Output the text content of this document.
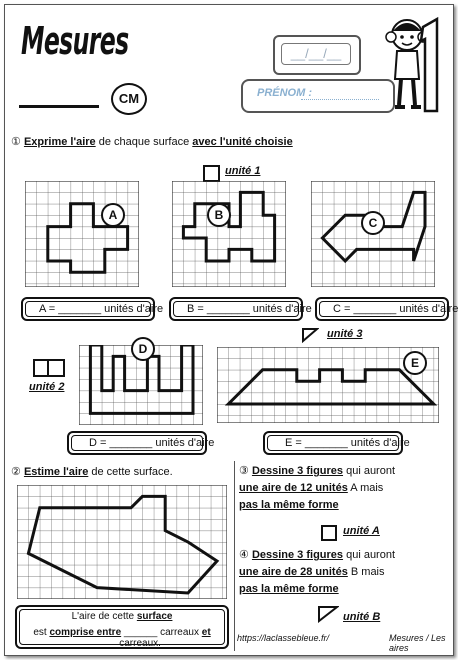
Mesures
CM
__/__/__
PRÉNOM :
① Exprime l'aire de chaque surface avec l'unité choisie
unité 1
A	B
C
A = _______ unités d'aire	B = _______ unités d'aire	C = _______ unités d'aire
unité 3
unité 2
D
E
D = _______ unités d'aire	E = _______ unités d'aire
② Estime l'aire de cette surface.
L'aire de cette surface
est comprise entre ______ carreaux et ______ carreaux.
③ Dessine 3 figures qui auront
une aire de 12 unités A mais
pas la même forme
unité A
④ Dessine 3 figures qui auront
une aire de 28 unités B mais
pas la même forme
unité B
https://laclassebleue.fr/	Mesures / Les aires
